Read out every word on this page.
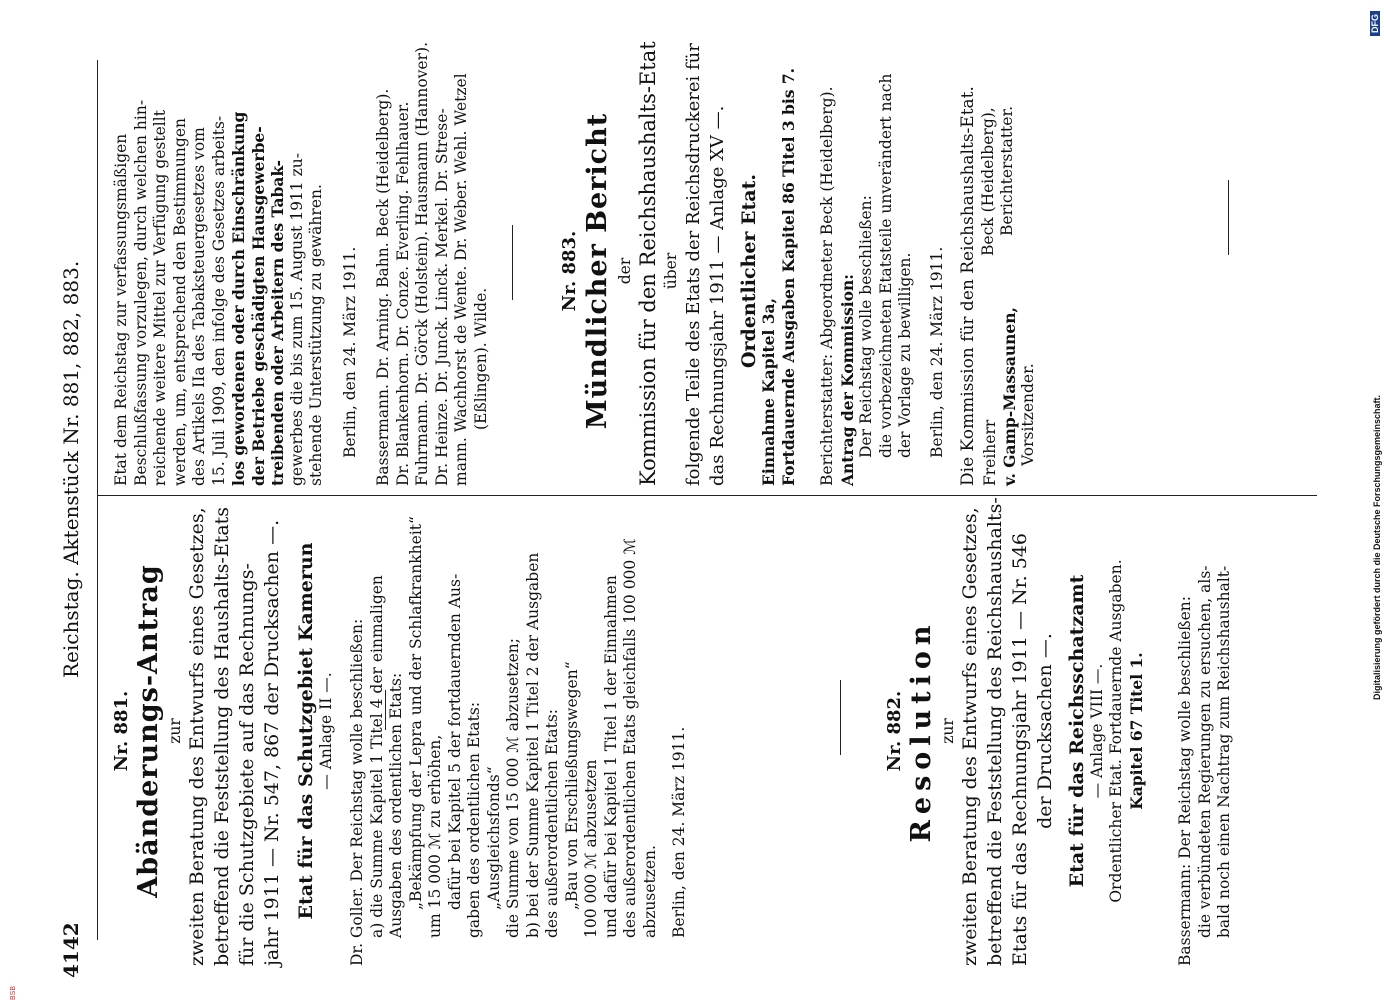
4142
Reichstag. Aktenstück Nr. 881, 882, 883.

Nr. 881. Abänderungs-Antrag zur zweiten Beratung des Entwurfs eines Gesetzes, betreffend die Feststellung des Haushalts-Etats für die Schutzgebiete auf das Rechnungs- jahr 1911 — Nr. 547, 867 der Drucksachen —. Etat für das Schutzgebiet Kamerun — Anlage II —. Dr. Goller. Der Reichstag wolle beschließen: a) die Summe Kapitel 1 Titel 4 der einmaligen Ausgaben des ordentlichen Etats: „Bekämpfung der Lepra und der Schlafkrankheit“ um 15 000 ℳ zu erhöhen, dafür bei Kapitel 5 der fortdauernden Aus- gaben des ordentlichen Etats: „Ausgleichsfonds“ die Summe von 15 000 ℳ abzusetzen; b) bei der Summe Kapitel 1 Titel 2 der Ausgaben des außerordentlichen Etats: „Bau von Erschließungswegen“ 100 000 ℳ abzusetzen und dafür bei Kapitel 1 Titel 1 der Einnahmen des außerordentlichen Etats gleichfalls 100 000 ℳ abzusetzen. Berlin, den 24. März 1911.	Nr. 882. Resolution zur zweiten Beratung des Entwurfs eines Gesetzes, betreffend die Feststellung des Reichshaushalts- Etats für das Rechnungsjahr 1911 — Nr. 546 der Drucksachen —. Etat für das Reichsschatzamt — Anlage VIII —. Ordentlicher Etat. Fortdauernde Ausgaben. Kapitel 67 Titel 1. Bassermann: Der Reichstag wolle beschließen: die verbündeten Regierungen zu ersuchen, als- bald noch einen Nachtrag zum Reichshaushalt-

Etat dem Reichstag zur verfassungsmäßigen Beschlußfassung vorzulegen, durch welchen hin- reichende weitere Mittel zur Verfügung gestellt werden, um, entsprechend den Bestimmungen des Artikels IIa des Tabaksteuergesetzes vom 15. Juli 1909, den infolge des Gesetzes arbeits- los gewordenen oder durch Einschränkung der Betriebe geschädigten Hausgewerbe- treibenden oder Arbeitern des Tabak- gewerbes die bis zum 15. August 1911 zu- stehende Unterstützung zu gewähren. Berlin, den 24. März 1911. Bassermann. Dr. Arning. Bahn. Beck (Heidelberg). Dr. Blankenhorn. Dr. Conze. Everling. Fehlhauer. Fuhrmann. Dr. Görck (Holstein). Hausmann (Hannover). Dr. Heinze. Dr. Junck. Linck. Merkel. Dr. Strese- mann. Wachhorst de Wente. Dr. Weber. Wehl. Wetzel (Eßlingen). Wilde.

Nr. 883. Mündlicher Bericht der Kommission für den Reichshaushalts-Etat über folgende Teile des Etats der Reichsdruckerei für das Rechnungsjahr 1911 — Anlage XV —. Ordentlicher Etat.

Einnahme Kapitel 3a, Fortdauernde Ausgaben Kapitel 86 Titel 3 bis 7. Berichterstatter: Abgeordneter Beck (Heidelberg). Antrag der Kommission: Der Reichstag wolle beschließen: die vorbezeichneten Etatsteile unverändert nach der Vorlage zu bewilligen. Berlin, den 24. März 1911. Die Kommission für den Reichshaushalts-Etat. Freiherr v. Gamp-Massaunen, Vorsitzender.

Beck (Heidelberg), Berichterstatter.

Digitalisierung gefördert durch die Deutsche Forschungsgemeinschaft.
DFG
BSB
